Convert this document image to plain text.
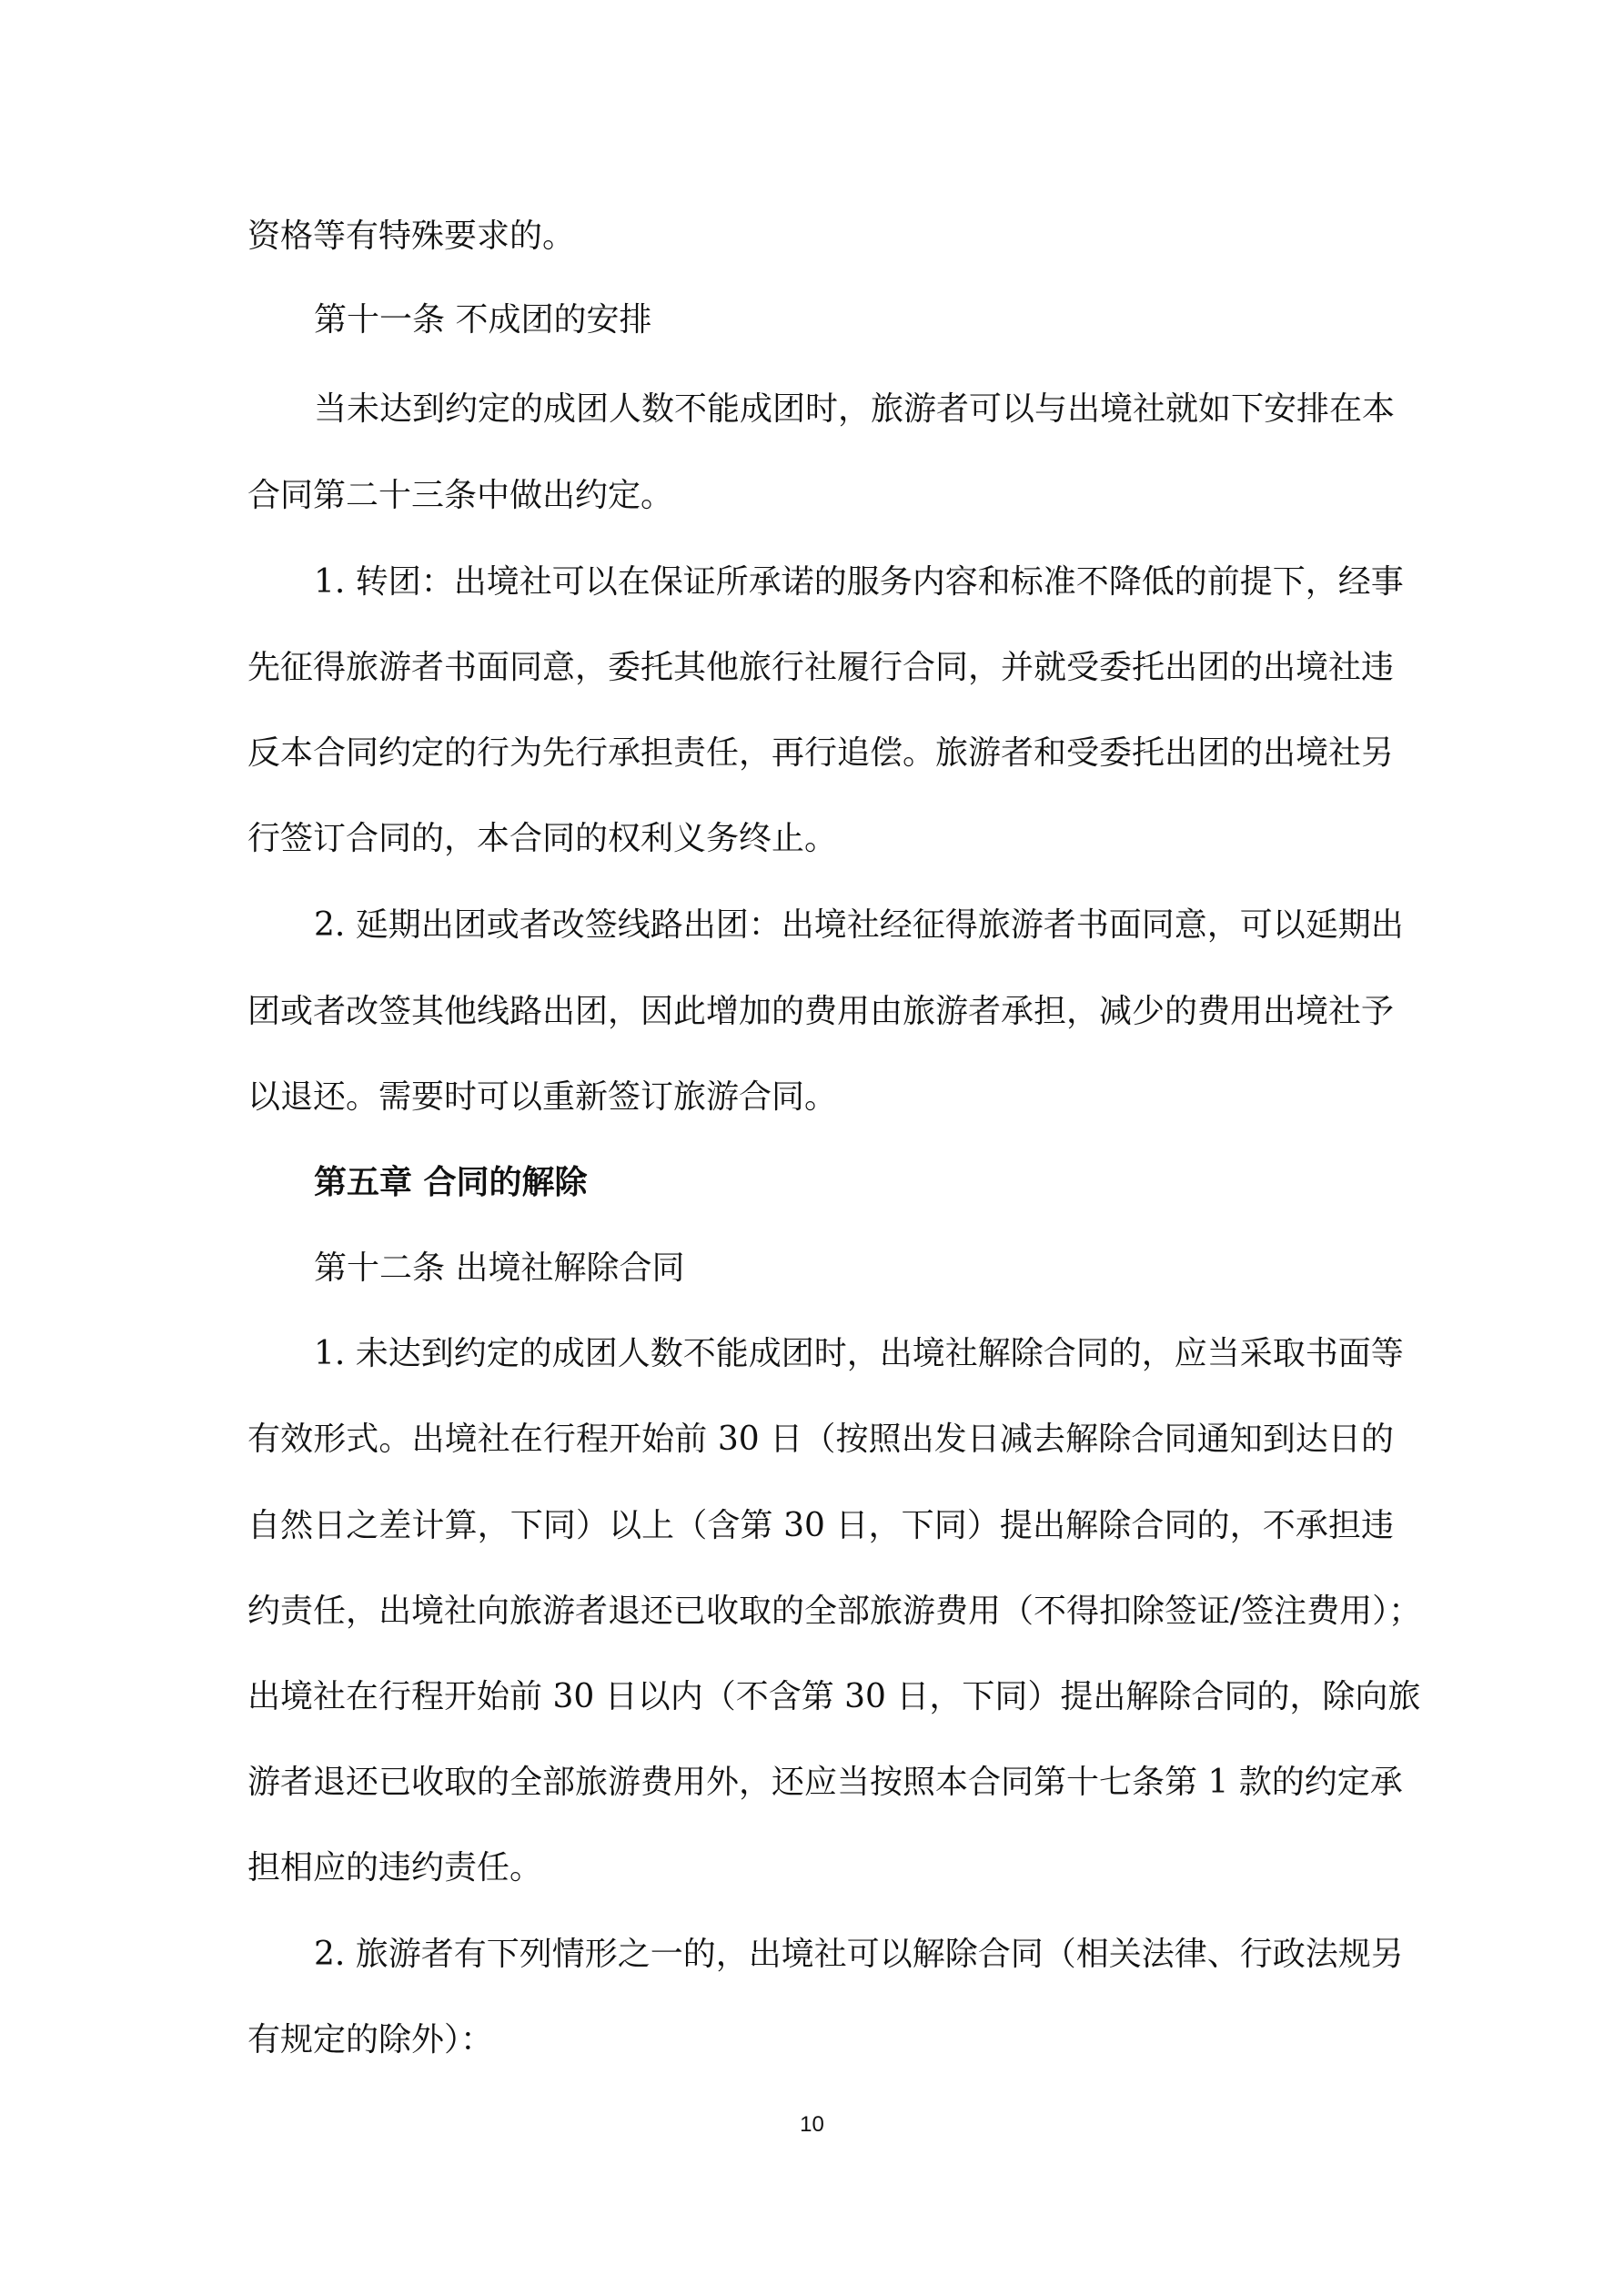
资格等有特殊要求的。
第十一条 不成团的安排
当未达到约定的成团人数不能成团时，旅游者可以与出境社就如下安排在本
合同第二十三条中做出约定。
1. 转团：出境社可以在保证所承诺的服务内容和标准不降低的前提下，经事
先征得旅游者书面同意，委托其他旅行社履行合同，并就受委托出团的出境社违
反本合同约定的行为先行承担责任，再行追偿。旅游者和受委托出团的出境社另
行签订合同的，本合同的权利义务终止。
2. 延期出团或者改签线路出团：出境社经征得旅游者书面同意，可以延期出
团或者改签其他线路出团，因此增加的费用由旅游者承担，减少的费用出境社予
以退还。需要时可以重新签订旅游合同。
第五章 合同的解除
第十二条 出境社解除合同
1. 未达到约定的成团人数不能成团时，出境社解除合同的，应当采取书面等
有效形式。出境社在行程开始前 30 日（按照出发日减去解除合同通知到达日的
自然日之差计算，下同）以上（含第 30 日，下同）提出解除合同的，不承担违
约责任，出境社向旅游者退还已收取的全部旅游费用（不得扣除签证/签注费用）；
出境社在行程开始前 30 日以内（不含第 30 日，下同）提出解除合同的，除向旅
游者退还已收取的全部旅游费用外，还应当按照本合同第十七条第 1 款的约定承
担相应的违约责任。
2. 旅游者有下列情形之一的，出境社可以解除合同（相关法律、行政法规另
有规定的除外）：
10
